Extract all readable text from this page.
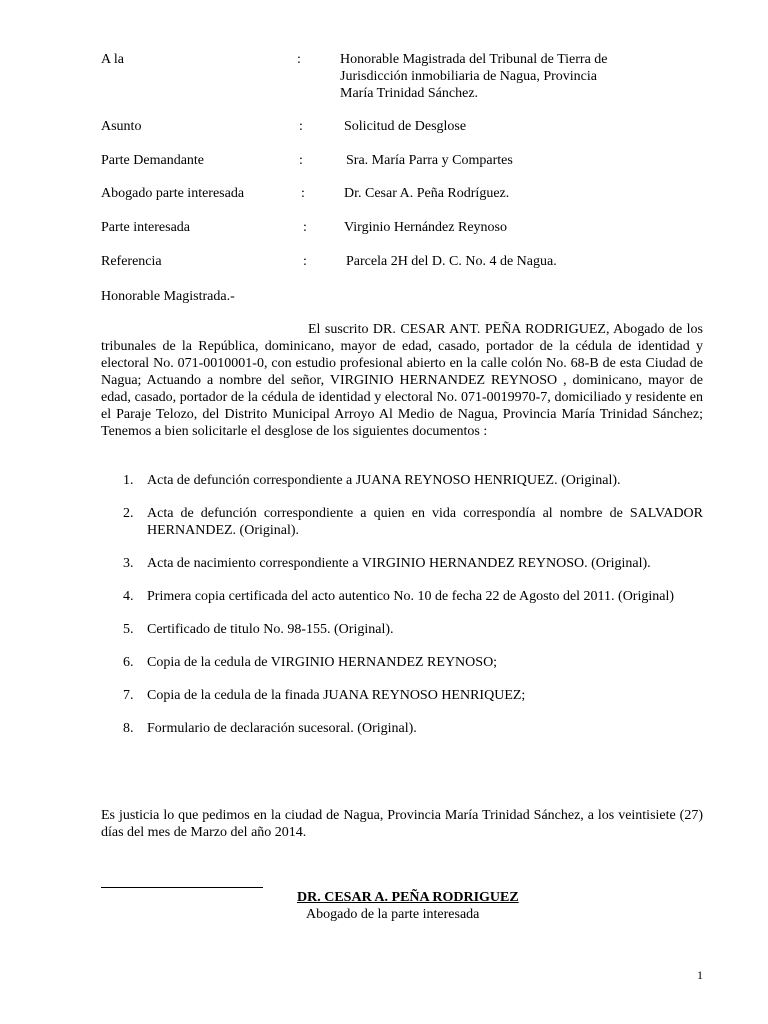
A la	:	Honorable Magistrada del Tribunal de Tierra de
Jurisdicción inmobiliaria de Nagua, Provincia
María Trinidad Sánchez.
Asunto	:	Solicitud de Desglose
Parte Demandante	:	Sra. María Parra y Compartes
Abogado parte interesada	:	Dr. Cesar A. Peña Rodríguez.
Parte interesada	:	Virginio Hernández Reynoso
Referencia	:	Parcela 2H del D. C. No. 4 de Nagua.
Honorable Magistrada.-

El suscrito DR. CESAR ANT. PEÑA RODRIGUEZ, Abogado de los tribunales de la República, dominicano, mayor de edad, casado, portador de la cédula de identidad y electoral No. 071-0010001-0, con estudio profesional abierto en la calle colón No. 68-B de esta Ciudad de Nagua; Actuando a nombre del señor, VIRGINIO HERNANDEZ REYNOSO , dominicano, mayor de edad, casado, portador de la cédula de identidad y electoral No. 071-0019970-7, domiciliado y residente en el Paraje Telozo, del Distrito Municipal Arroyo Al Medio de Nagua, Provincia María Trinidad Sánchez; Tenemos a bien solicitarle el desglose de los siguientes documentos :

1. Acta de defunción correspondiente a JUANA REYNOSO HENRIQUEZ. (Original).
2. Acta de defunción correspondiente a quien en vida correspondía al nombre de SALVADOR HERNANDEZ. (Original).
3. Acta de nacimiento correspondiente a VIRGINIO HERNANDEZ REYNOSO. (Original).
4. Primera copia certificada del acto autentico No. 10 de fecha 22 de Agosto del 2011. (Original)
5. Certificado de titulo No. 98-155. (Original).
6. Copia de la cedula de VIRGINIO HERNANDEZ REYNOSO;
7. Copia de la cedula de la finada JUANA REYNOSO HENRIQUEZ;
8. Formulario de declaración sucesoral. (Original).

Es justicia lo que pedimos en la ciudad de Nagua, Provincia María Trinidad Sánchez, a los veintisiete (27) días del mes de Marzo del año 2014.

DR. CESAR A. PEÑA RODRIGUEZ
Abogado de la parte interesada
1
